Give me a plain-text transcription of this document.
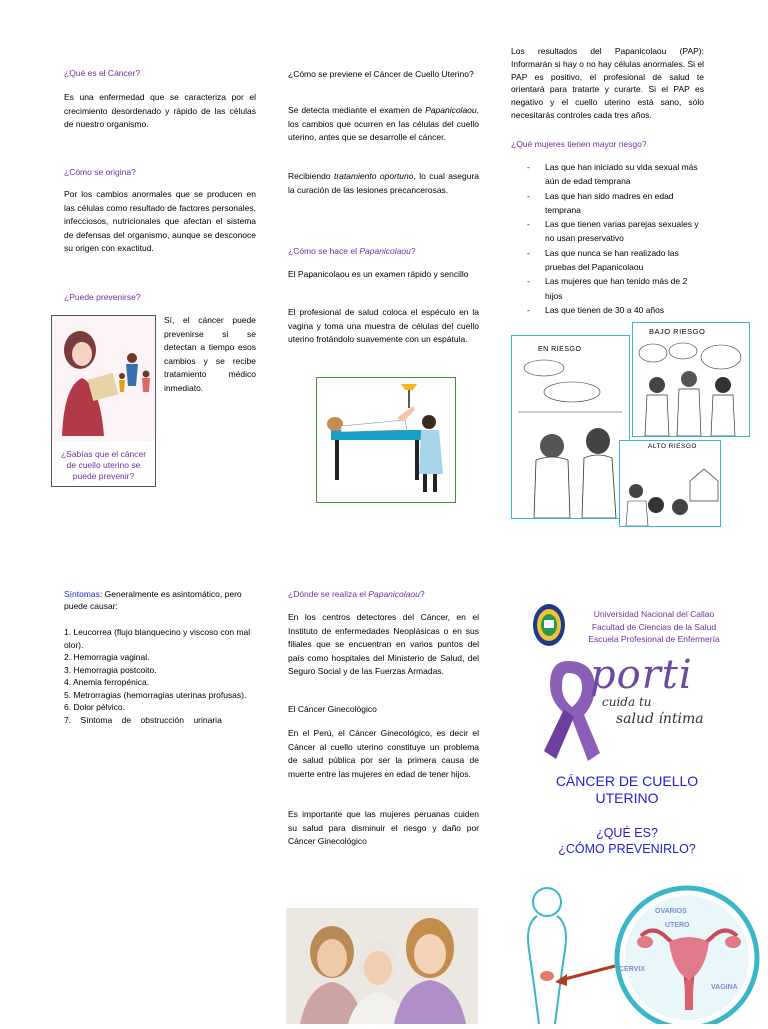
¿Qué es el Cáncer?

Es una enfermedad que se caracteriza por el crecimiento desordenado y rápido de las células de nuestro organismo.

¿Cómo se origina?

Por los cambios anormales que se producen en las células como resultado de factores personales, infecciosos, nutricionales que afectan el sistema de defensas del organismo, aunque se desconoce su origen con exactitud.

¿Puede prevenirse?
¿Sabías que el cáncer de cuello uterino se puede prevenir?

Sí, el cáncer puede prevenirse si se detectan a tiempo esos cambios y se recibe tratamiento médico inmediato.

¿Cómo se previene el Cáncer de Cuello Uterino?

Se detecta mediante el examen de Papanicolaou, los cambios que ocurren en las células del cuello uterino, antes que se desarrolle el cáncer.

Recibiendo tratamiento oportuno, lo cual asegura la curación de las lesiones precancerosas.

¿Cómo se hace el Papanicolaou?

El Papanicolaou es un examen rápido y sencillo

El profesional de salud coloca el espéculo en la vagina y toma una muestra de células del cuello uterino frotándolo suavemente con un espátula.

Los resultados del Papanicolaou (PAP): Informarán si hay o no hay células anormales. Si el PAP es positivo, el profesional de salud te orientará para tratarte y curarte. Si el PAP es negativo y el cuello uterino está sano, sólo necesitarás controles cada tres años.

¿Qué mujeres tienen mayor riesgo?
- Las que han iniciado su vida sexual más aún de edad temprana
- Las que han sido madres en edad temprana
- Las que tienen varias parejas sexuales y no usan preservativo
- Las que nunca se han realizado las pruebas del Papanicolaou
- Las mujeres que han tenido más de 2 hijos
- Las que tienen de 30 a 40 años
EN RIESGO
BAJO RIESGO
ALTO RIESGO

Síntomas: Generalmente es asintomático, pero puede causar:

1. Leucorrea (flujo blanquecino y viscoso con mal olor).
2. Hemorragia vaginal.
3. Hemorragia postcoito.
4. Anemia ferropénica.
5. Metrorragias (hemorragias uterinas profusas).
6. Dolor pélvico.
7.    Síntoma    de    obstrucción    urinaria
¿Dónde se realiza el Papanicolaou?

En los centros detectores del Cáncer, en el Instituto de enfermedades Neoplásicas o en sus filiales que se encuentran en varios puntos del país como hospitales del Ministerio de Salud, del Seguro Social y de las Fuerzas Armadas.

El Cáncer Ginecológico

En el Perú, el Cáncer Ginecológico, es decir el Cáncer al cuello uterino constituye un problema de salud pública por ser la primera causa de muerte entre las mujeres en edad de tener hijos.

Es importante que las mujeres peruanas cuiden su salud para disminuir el riesgo y daño por Cáncer Ginecológico

Universidad Nacional del Callao
Facultad de Ciencias de la Salud
Escuela Profesional de Enfermería
porti
cuida tu
salud íntima
CÁNCER DE CUELLO
UTERINO
¿QUÉ ES?
¿CÓMO PREVENIRLO?
OVARIOS
UTERO
CERVIX
VAGINA
